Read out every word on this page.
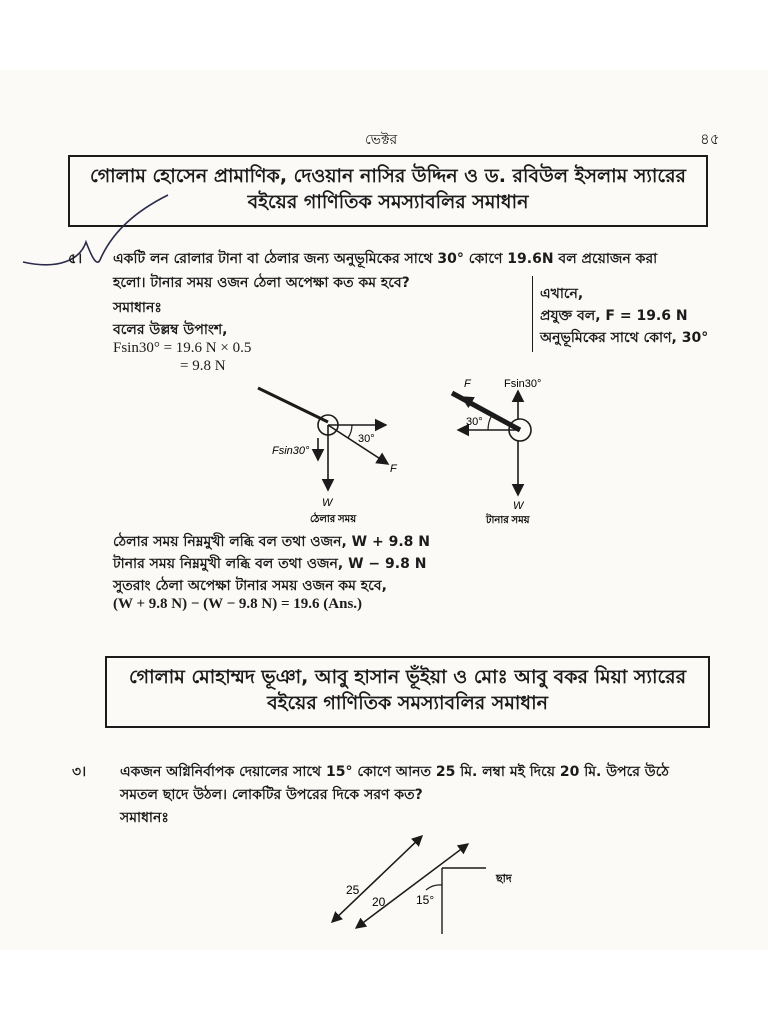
ভেক্টর	৪৫
গোলাম হোসেন প্রামাণিক, দেওয়ান নাসির উদ্দিন ও ড. রবিউল ইসলাম স্যারের
বইয়ের গাণিতিক সমস্যাবলির সমাধান
৫। একটি লন রোলার টানা বা ঠেলার জন্য অনুভূমিকের সাথে 30° কোণে 19.6N বল প্রয়োজন করা
হলো। টানার সময় ওজন ঠেলা অপেক্ষা কত কম হবে?
সমাধানঃ
বলের উল্লম্ব উপাংশ,
Fsin30° = 19.6 N × 0.5
= 9.8 N
এখানে,
প্রযুক্ত বল, F = 19.6 N
অনুভূমিকের সাথে কোণ, 30°
Fsin30°
30°
F
W
ঠেলার সময়
F	Fsin30°
30°
W
টানার সময়
ঠেলার সময় নিম্নমুখী লব্ধি বল তথা ওজন, W + 9.8 N
টানার সময় নিম্নমুখী লব্ধি বল তথা ওজন, W − 9.8 N
সুতরাং ঠেলা অপেক্ষা টানার সময় ওজন কম হবে,
(W + 9.8 N) − (W − 9.8 N) = 19.6 (Ans.)
গোলাম মোহাম্মদ ভূঞা, আবু হাসান ভূঁইয়া ও মোঃ আবু বকর মিয়া স্যারের
বইয়ের গাণিতিক সমস্যাবলির সমাধান
৩। একজন অগ্নিনির্বাপক দেয়ালের সাথে 15° কোণে আনত 25 মি. লম্বা মই দিয়ে 20 মি. উপরে উঠে
সমতল ছাদে উঠল। লোকটির উপরের দিকে সরণ কত?
সমাধানঃ
25
20	15°
ছাদ
